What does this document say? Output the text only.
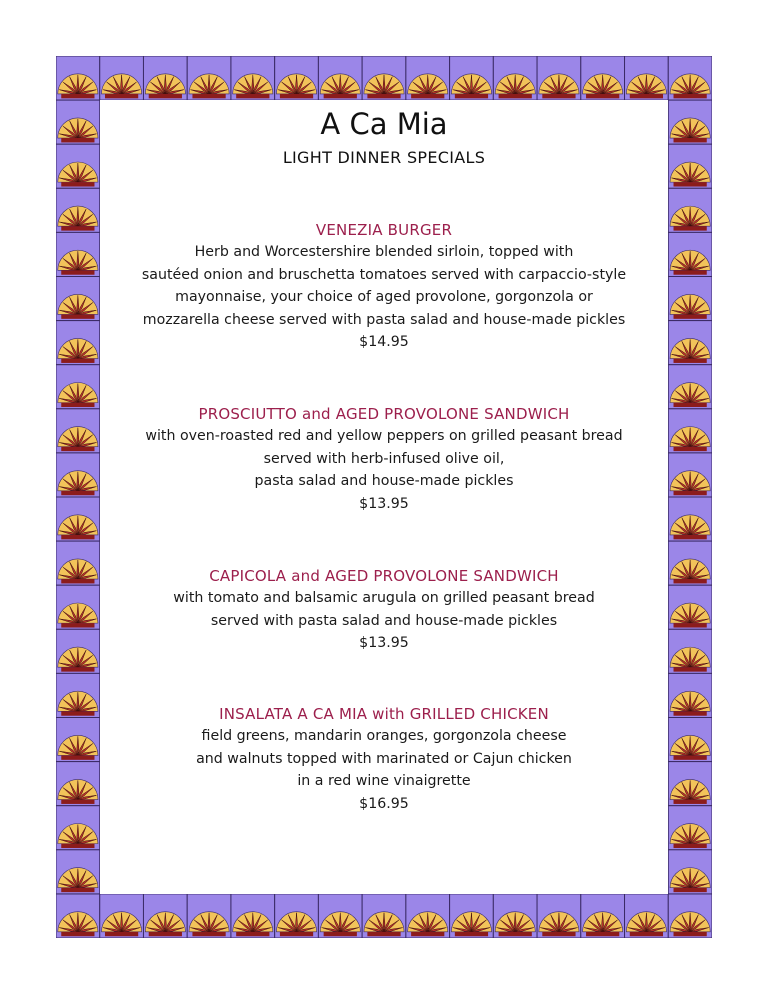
A Ca Mia
LIGHT DINNER SPECIALS
VENEZIA BURGER
Herb and Worcestershire blended sirloin, topped with
sautéed onion and bruschetta tomatoes served with carpaccio-style
mayonnaise, your choice of aged provolone, gorgonzola or
mozzarella cheese served with pasta salad and house-made pickles
$14.95
PROSCIUTTO and AGED PROVOLONE SANDWICH
with oven-roasted red and yellow peppers on grilled peasant bread
served with herb-infused olive oil,
pasta salad and house-made pickles
$13.95
CAPICOLA and AGED PROVOLONE SANDWICH
with tomato and balsamic arugula on grilled peasant bread
served with pasta salad and house-made pickles
$13.95
INSALATA A CA MIA with GRILLED CHICKEN
field greens, mandarin oranges, gorgonzola cheese
and walnuts topped with marinated or Cajun chicken
in a red wine vinaigrette
$16.95
